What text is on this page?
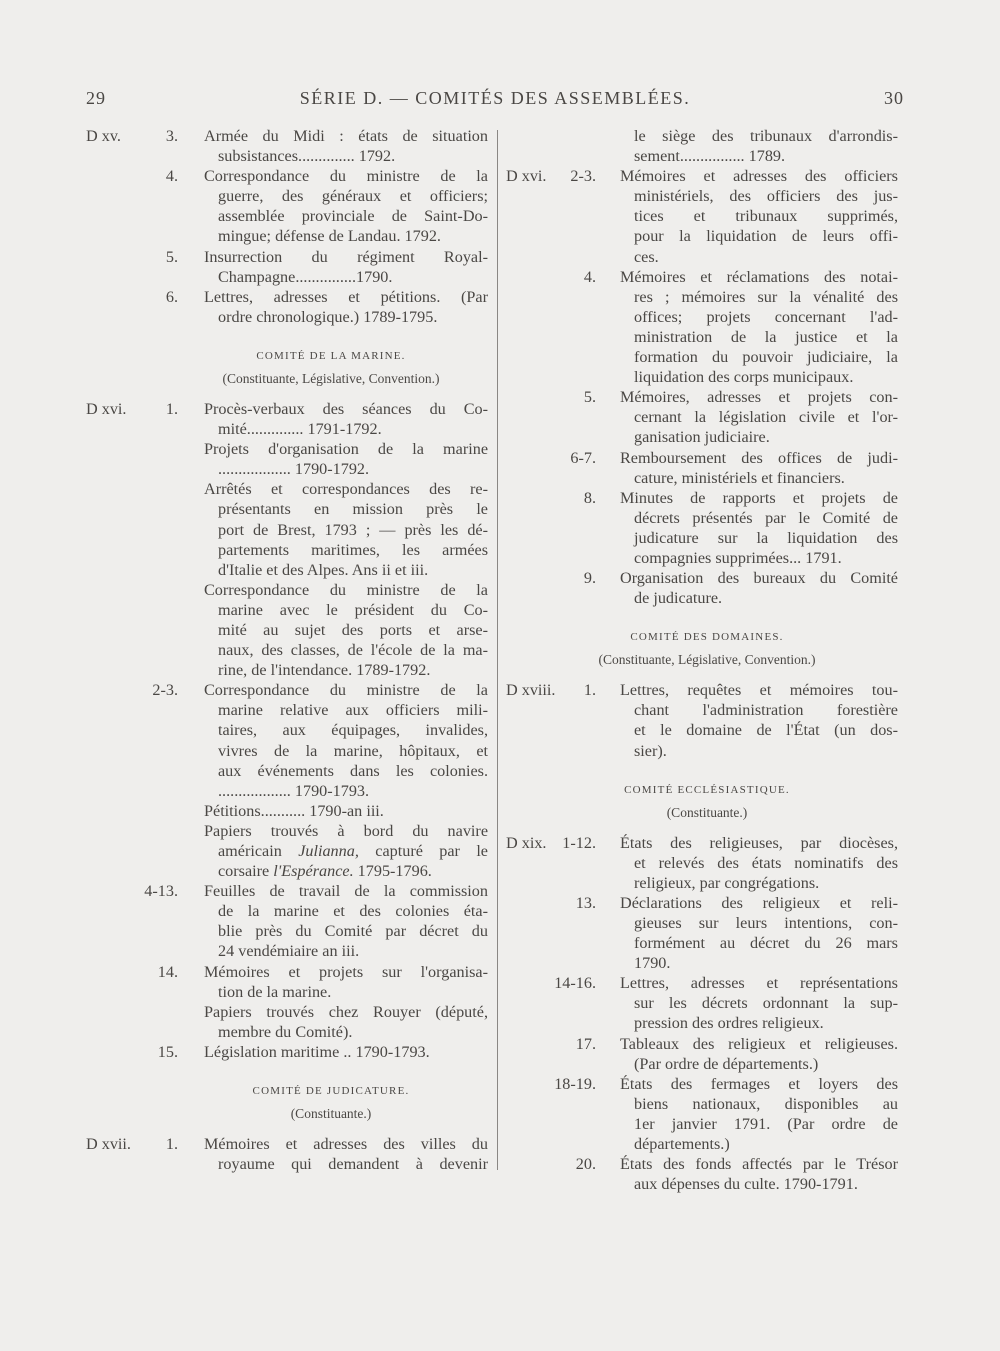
29	SÉRIE D. — COMITÉS DES ASSEMBLÉES.	30
D xv.	3. Armée du Midi : états de situation
subsistances.............. 1792.
4. Correspondance du ministre de la
guerre, des généraux et officiers;
assemblée provinciale de Saint-Do-
mingue; défense de Landau. 1792.
5. Insurrection du régiment Royal-
Champagne...............1790.
6. Lettres, adresses et pétitions. (Par
ordre chronologique.) 1789-1795.
COMITÉ DE LA MARINE.
(Constituante, Législative, Convention.)
D xvi. 1. Procès-verbaux des séances du Co-
mité.............. 1791-1792.
Projets d'organisation de la marine
.................. 1790-1792.
Arrêtés et correspondances des re-
présentants en mission près le
port de Brest, 1793 ; — près les dé-
partements maritimes, les armées
d'Italie et des Alpes. Ans ii et iii.
Correspondance du ministre de la
marine avec le président du Co-
mité au sujet des ports et arse-
naux, des classes, de l'école de la ma-
rine, de l'intendance. 1789-1792.
2-3. Correspondance du ministre de la
marine relative aux officiers mili-
taires, aux équipages, invalides,
vivres de la marine, hôpitaux, et
aux événements dans les colonies.
.................. 1790-1793.
Pétitions........... 1790-an iii.
Papiers trouvés à bord du navire
américain Julianna, capturé par le
corsaire l'Espérance. 1795-1796.
4-13. Feuilles de travail de la commission
de la marine et des colonies éta-
blie près du Comité par décret du
24 vendémiaire an iii.
14. Mémoires et projets sur l'organisa-
tion de la marine.
Papiers trouvés chez Rouyer (député,
membre du Comité).
15. Législation maritime .. 1790-1793.
COMITÉ DE JUDICATURE.
(Constituante.)
D xvii. 1. Mémoires et adresses des villes du
royaume qui demandent à devenir
le siège des tribunaux d'arrondis-
sement................ 1789.
D xvi. 2-3. Mémoires et adresses des officiers
ministériels, des officiers des jus-
tices et tribunaux supprimés,
pour la liquidation de leurs offi-
ces.
4. Mémoires et réclamations des notai-
res ; mémoires sur la vénalité des
offices; projets concernant l'ad-
ministration de la justice et la
formation du pouvoir judiciaire, la
liquidation des corps municipaux.
5. Mémoires, adresses et projets con-
cernant la législation civile et l'or-
ganisation judiciaire.
6-7. Remboursement des offices de judi-
cature, ministériels et financiers.
8. Minutes de rapports et projets de
décrets présentés par le Comité de
judicature sur la liquidation des
compagnies supprimées... 1791.
9. Organisation des bureaux du Comité
de judicature.
COMITÉ DES DOMAINES.
(Constituante, Législative, Convention.)
D xviii. 1. Lettres, requêtes et mémoires tou-
chant l'administration forestière
et le domaine de l'État (un dos-
sier).
COMITÉ ECCLÉSIASTIQUE.
(Constituante.)
D xix. 1-12. États des religieuses, par diocèses,
et relevés des états nominatifs des
religieux, par congrégations.
13. Déclarations des religieux et reli-
gieuses sur leurs intentions, con-
formément au décret du 26 mars
1790.
14-16. Lettres, adresses et représentations
sur les décrets ordonnant la sup-
pression des ordres religieux.
17. Tableaux des religieux et religieuses.
(Par ordre de départements.)
18-19. États des fermages et loyers des
biens nationaux, disponibles au
1er janvier 1791. (Par ordre de
départements.)
20. États des fonds affectés par le Trésor
aux dépenses du culte. 1790-1791.
